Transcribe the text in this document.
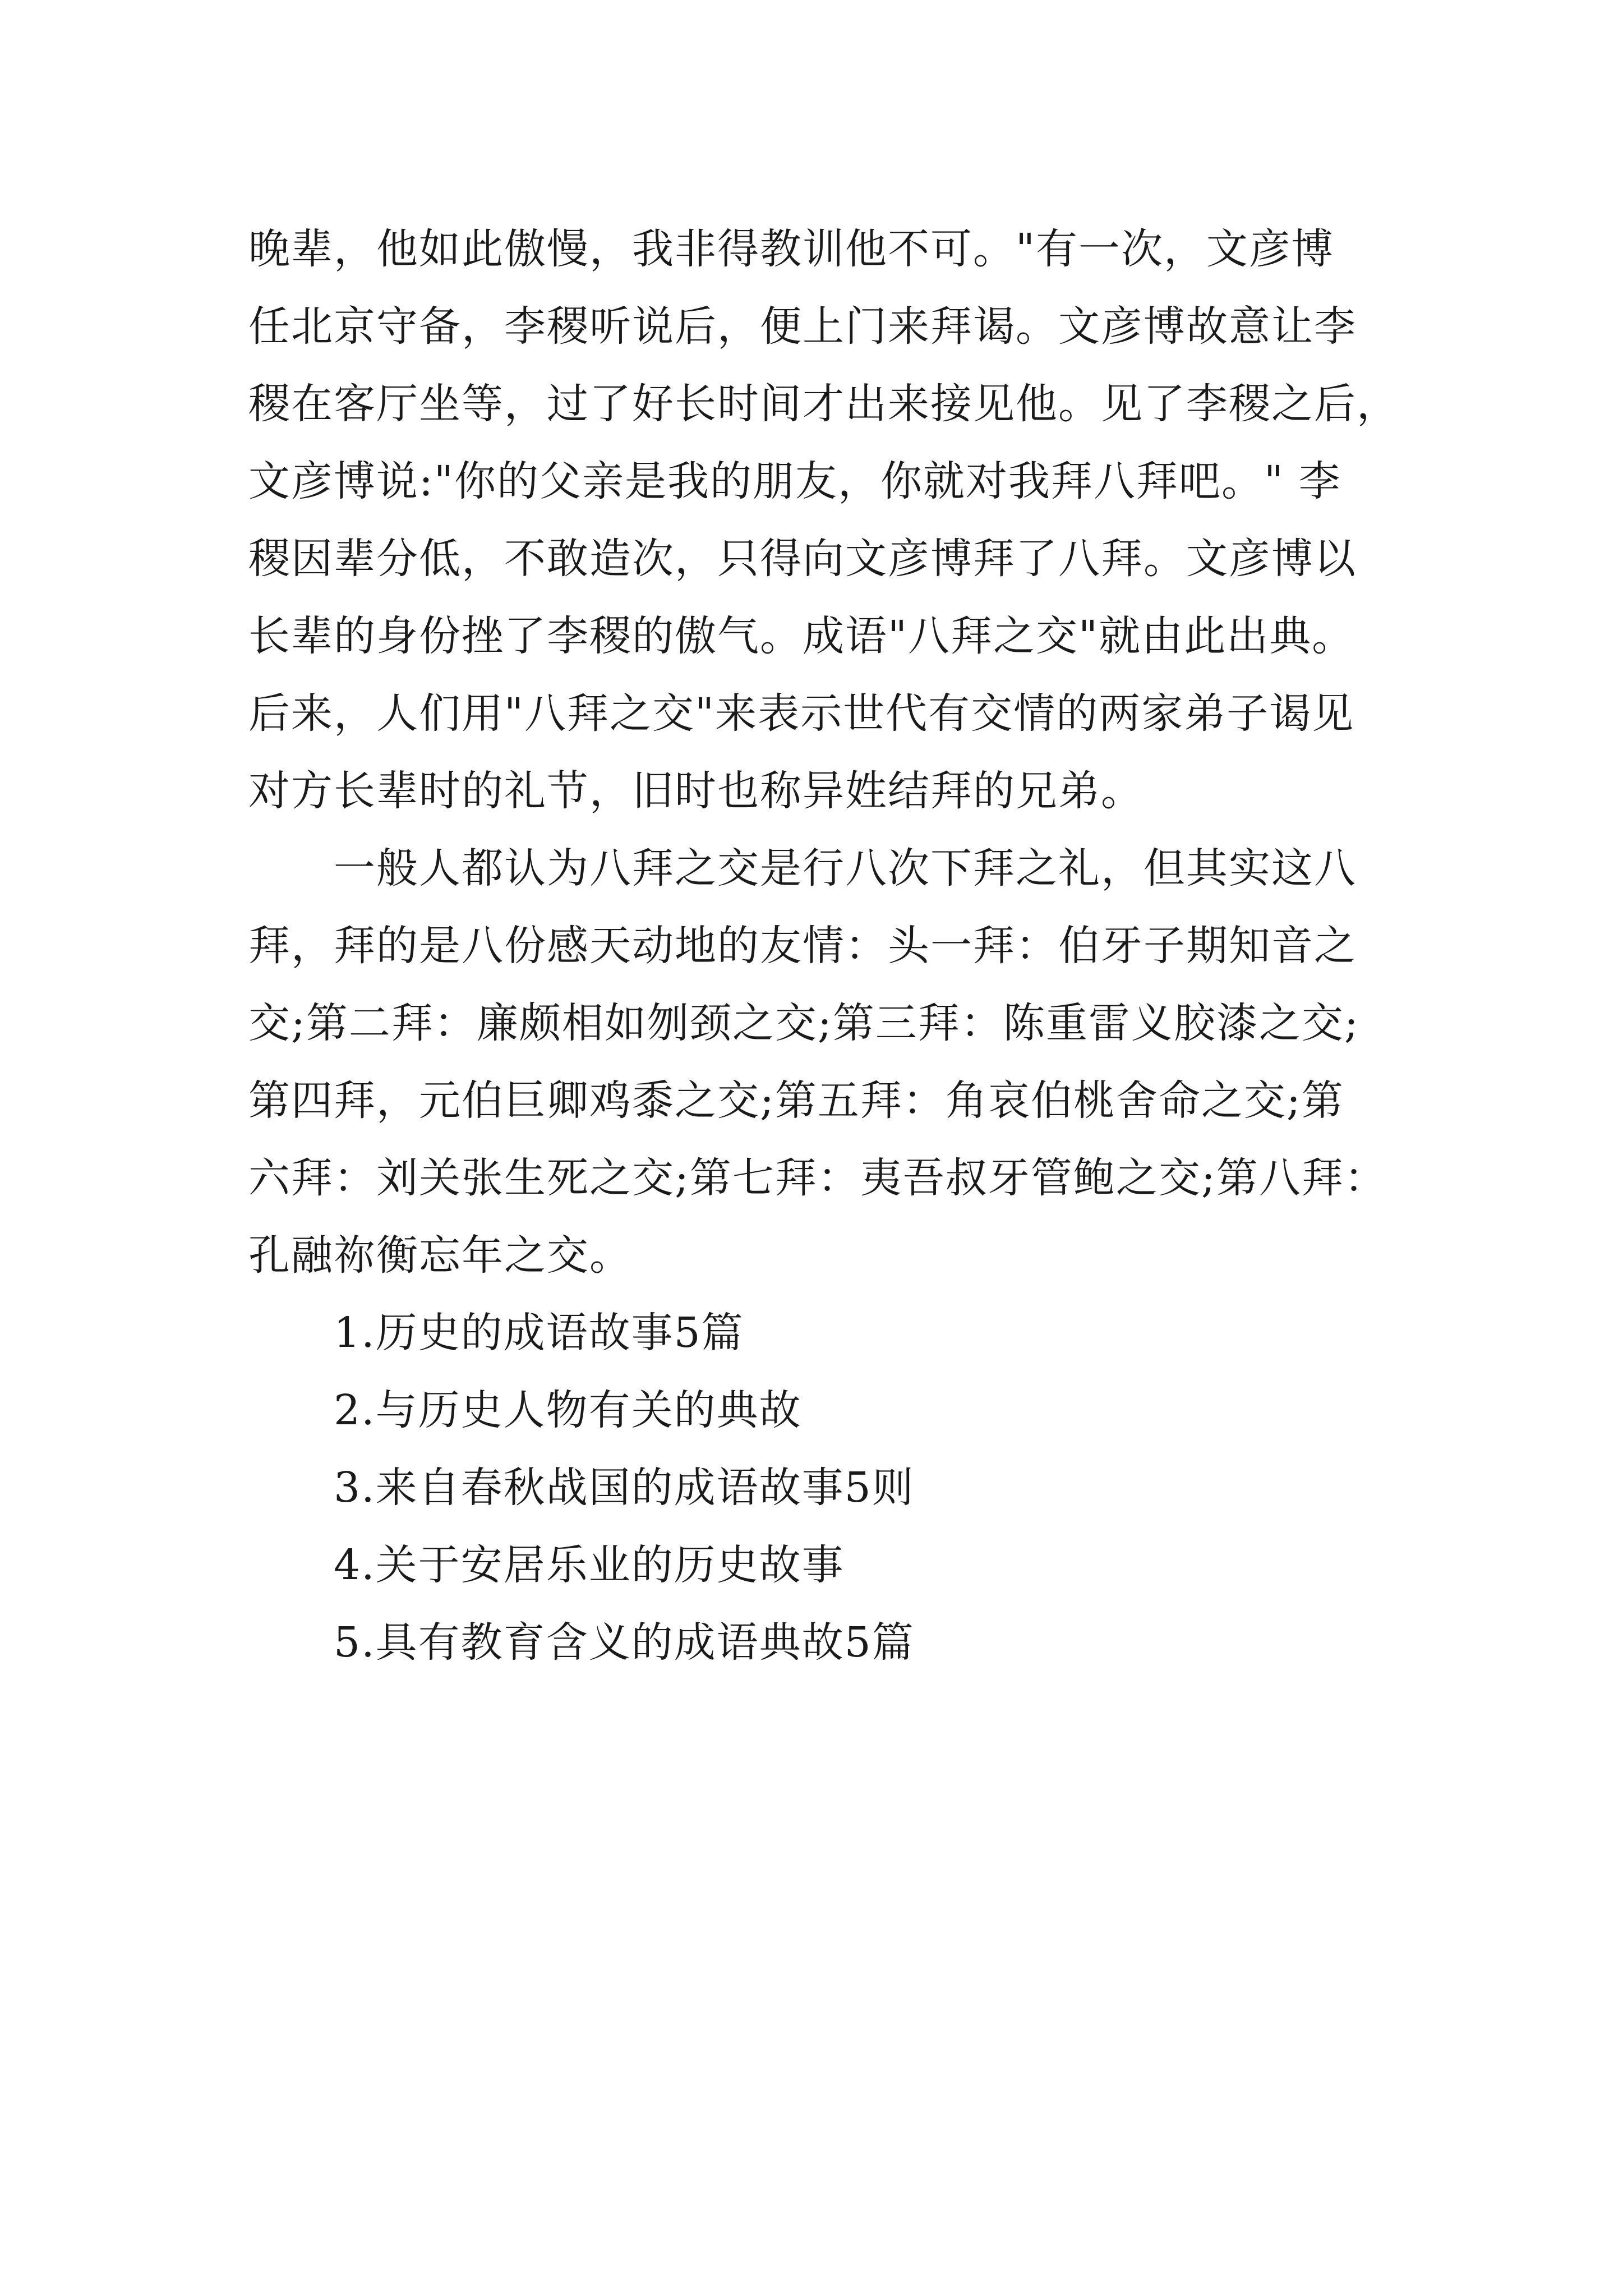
晚辈，他如此傲慢，我非得教训他不可。"有一次，文彦博
任北京守备，李稷听说后，便上门来拜谒。文彦博故意让李
稷在客厅坐等，过了好长时间才出来接见他。见了李稷之后，
文彦博说:"你的父亲是我的朋友，你就对我拜八拜吧。" 李
稷因辈分低，不敢造次，只得向文彦博拜了八拜。文彦博以
长辈的身份挫了李稷的傲气。成语"八拜之交"就由此出典。
后来，人们用"八拜之交"来表示世代有交情的两家弟子谒见
对方长辈时的礼节，旧时也称异姓结拜的兄弟。
一般人都认为八拜之交是行八次下拜之礼，但其实这八
拜，拜的是八份感天动地的友情：头一拜：伯牙子期知音之
交;第二拜：廉颇相如刎颈之交;第三拜：陈重雷义胶漆之交;
第四拜，元伯巨卿鸡黍之交;第五拜：角哀伯桃舍命之交;第
六拜：刘关张生死之交;第七拜：夷吾叔牙管鲍之交;第八拜：
孔融祢衡忘年之交。
1.历史的成语故事5篇
2.与历史人物有关的典故
3.来自春秋战国的成语故事5则
4.关于安居乐业的历史故事
5.具有教育含义的成语典故5篇
